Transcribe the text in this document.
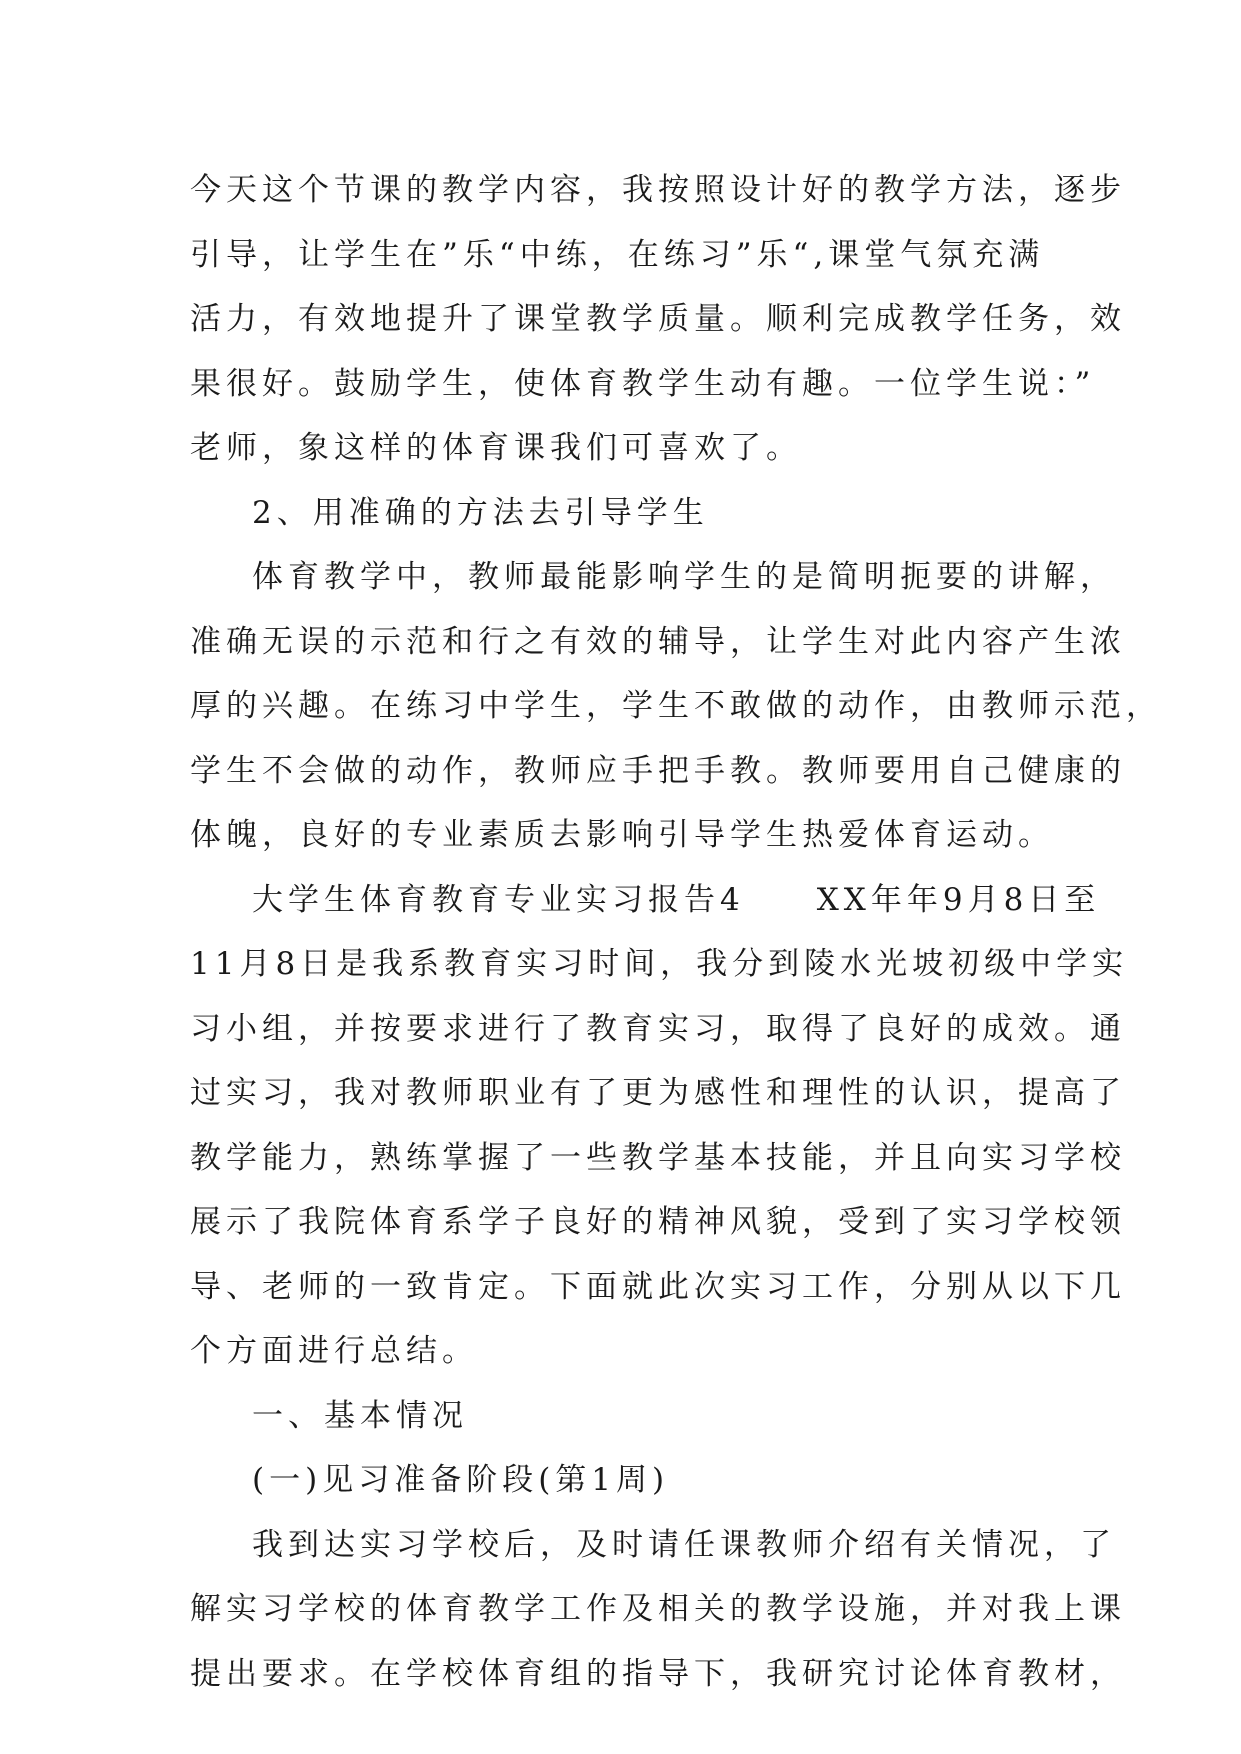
今天这个节课的教学内容，我按照设计好的教学方法，逐步
引导，让学生在”乐“中练，在练习”乐“,课堂气氛充满
活力，有效地提升了课堂教学质量。顺利完成教学任务，效
果很好。鼓励学生，使体育教学生动有趣。一位学生说：”
老师，象这样的体育课我们可喜欢了。
2、用准确的方法去引导学生
体育教学中，教师最能影响学生的是简明扼要的讲解，
准确无误的示范和行之有效的辅导，让学生对此内容产生浓
厚的兴趣。在练习中学生，学生不敢做的动作，由教师示范，
学生不会做的动作，教师应手把手教。教师要用自己健康的
体魄，良好的专业素质去影响引导学生热爱体育运动。
大学生体育教育专业实习报告4　　XX年年9月8日至
11月8日是我系教育实习时间，我分到陵水光坡初级中学实
习小组，并按要求进行了教育实习，取得了良好的成效。通
过实习，我对教师职业有了更为感性和理性的认识，提高了
教学能力，熟练掌握了一些教学基本技能，并且向实习学校
展示了我院体育系学子良好的精神风貌，受到了实习学校领
导、老师的一致肯定。下面就此次实习工作，分别从以下几
个方面进行总结。
一、基本情况
(一)见习准备阶段(第1周)
我到达实习学校后，及时请任课教师介绍有关情况，了
解实习学校的体育教学工作及相关的教学设施，并对我上课
提出要求。在学校体育组的指导下，我研究讨论体育教材，
